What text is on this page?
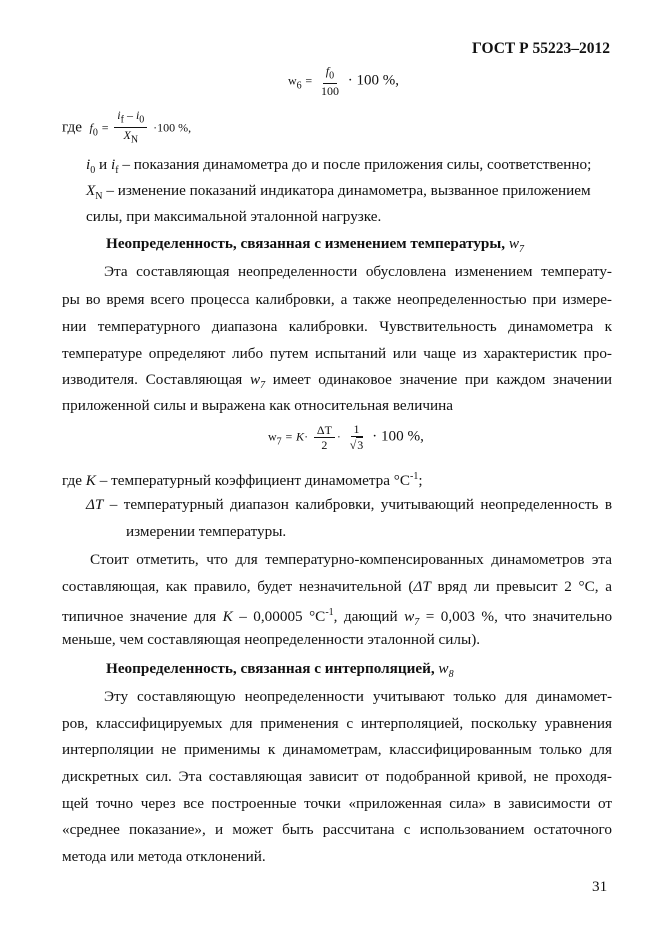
ГОСТ Р 55223–2012
$w_6 = \frac{f_0}{100} \cdot 100$ %,
где $f_0 = \frac{i_f - i_0}{X_N} \cdot 100$ %,
$i_0$ и $i_f$ – показания динамометра до и после приложения силы, соответственно;
$X_N$ – изменение показаний индикатора динамометра, вызванное приложением
силы, при максимальной эталонной нагрузке.
Неопределенность, связанная с изменением температуры, $w_7$
Эта составляющая неопределенности обусловлена изменением температу-
ры во время всего процесса калибровки, а также неопределенностью при измере-
нии температурного диапазона калибровки. Чувствительность динамометра к
температуре определяют либо путем испытаний или чаще из характеристик про-
изводителя. Составляющая $w_7$ имеет одинаковое значение при каждом значении
приложенной силы и выражена как относительная величина
$w_7 = K\cdot \frac{\Delta T}{2} \cdot \frac{1}{√3} \cdot 100$ %,
где K – температурный коэффициент динамометра $^\circ С^{-1}$;
ΔT – температурный диапазон калибровки, учитывающий неопределенность в
измерении температуры.
Стоит отметить, что для температурно-компенсированных динамометров эта
составляющая, как правило, будет незначительной (ΔT вряд ли превысит 2 °С, а
типичное значение для K – 0,00005 $^\circ С^{-1}$, дающий $w_7 = 0,003$ %, что значительно
меньше, чем составляющая неопределенности эталонной силы).
Неопределенность, связанная с интерполяцией, $w_8$
Эту составляющую неопределенности учитывают только для динамомет-
ров, классифицируемых для применения с интерполяцией, поскольку уравнения
интерполяции не применимы к динамометрам, классифицированным только для
дискретных сил. Эта составляющая зависит от подобранной кривой, не проходя-
щей точно через все построенные точки «приложенная сила» в зависимости от
«среднее показание», и может быть рассчитана с использованием остаточного
метода или метода отклонений.
31
